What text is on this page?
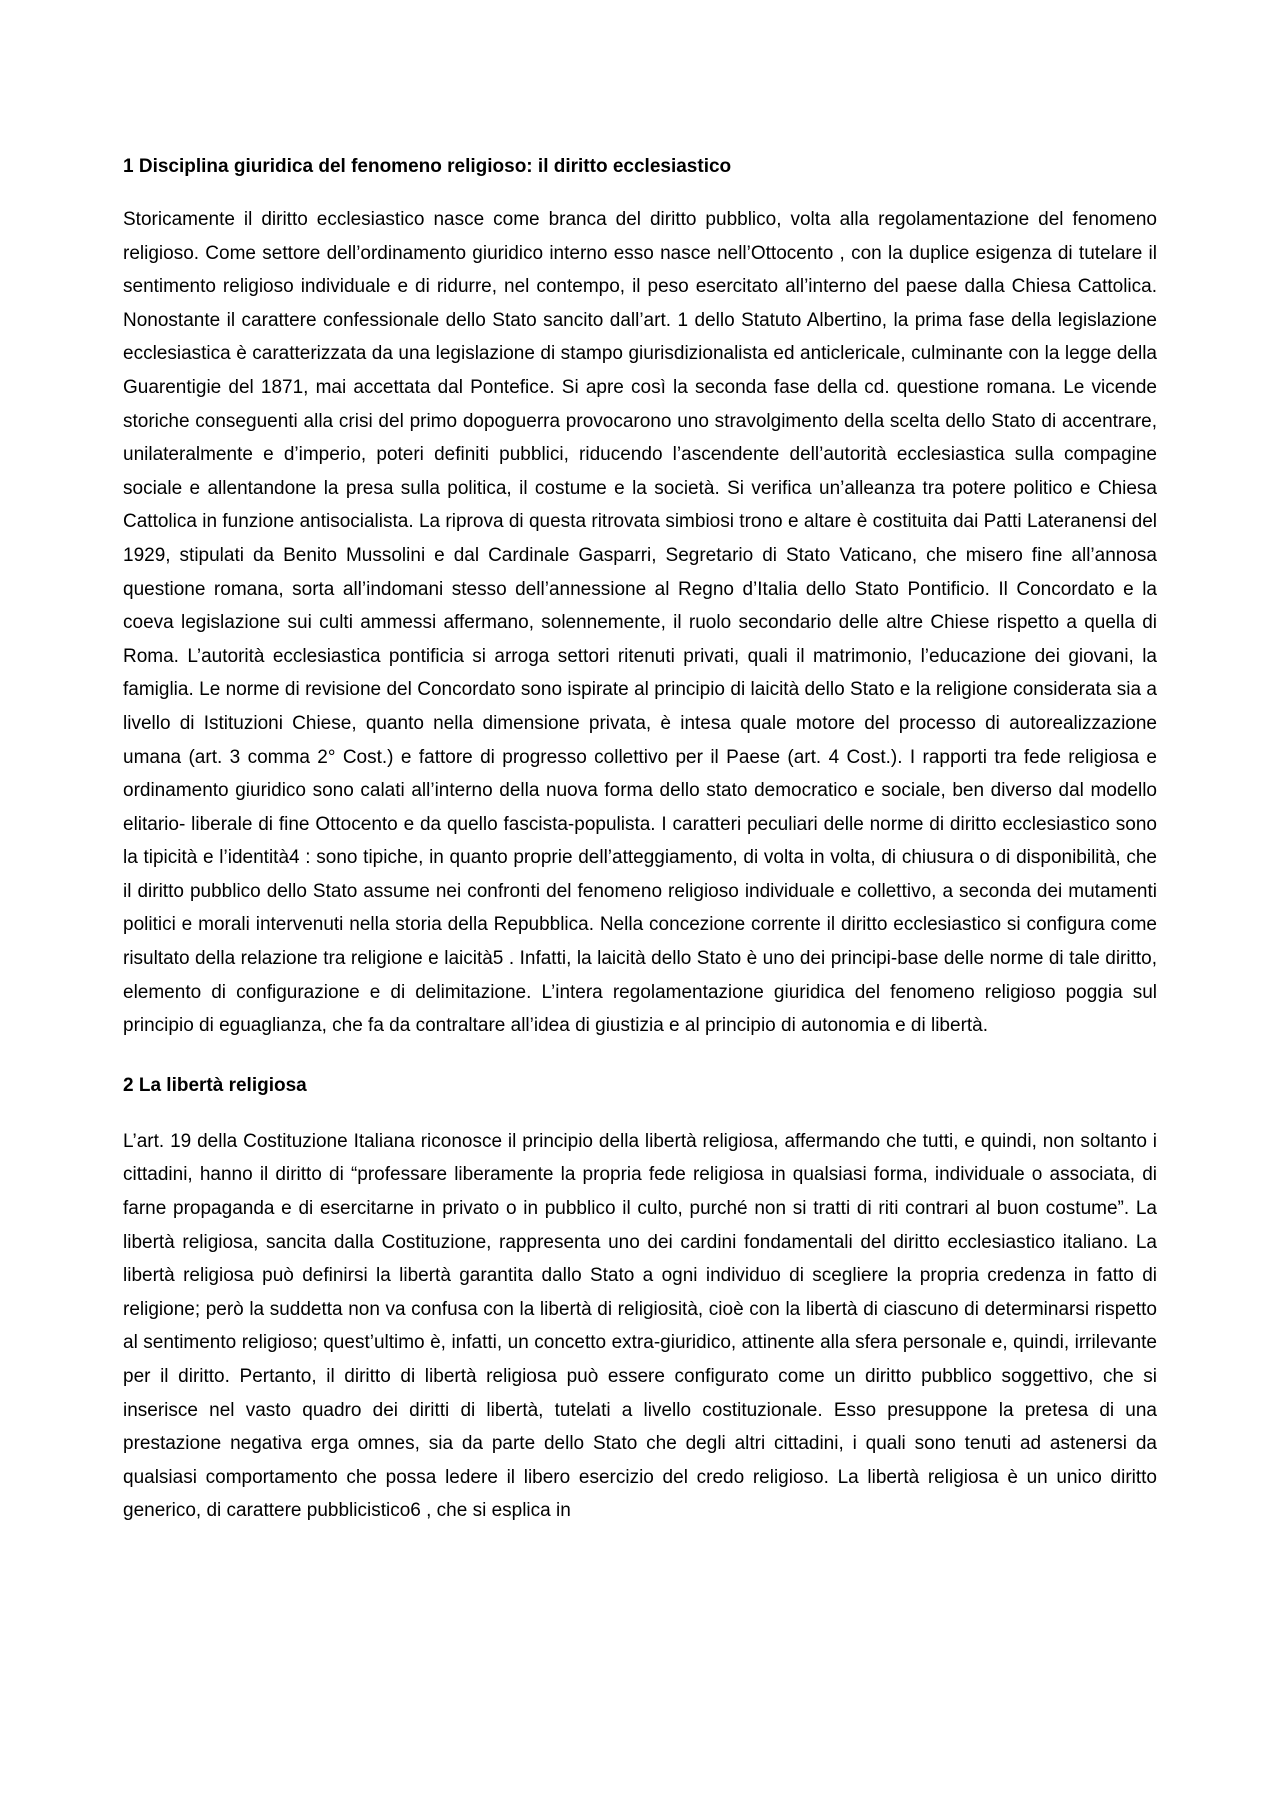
1 Disciplina giuridica del fenomeno religioso: il diritto ecclesiastico

Storicamente il diritto ecclesiastico nasce come branca del diritto pubblico, volta alla regolamentazione del fenomeno religioso. Come settore dell’ordinamento giuridico interno esso nasce nell’Ottocento , con la duplice esigenza di tutelare il sentimento religioso individuale e di ridurre, nel contempo, il peso esercitato all’interno del paese dalla Chiesa Cattolica. Nonostante il carattere confessionale dello Stato sancito dall’art. 1 dello Statuto Albertino, la prima fase della legislazione ecclesiastica è caratterizzata da una legislazione di stampo giurisdizionalista ed anticlericale, culminante con la legge della Guarentigie del 1871, mai accettata dal Pontefice. Si apre così la seconda fase della cd. questione romana. Le vicende storiche conseguenti alla crisi del primo dopoguerra provocarono uno stravolgimento della scelta dello Stato di accentrare, unilateralmente e d’imperio, poteri definiti pubblici, riducendo l’ascendente dell’autorità ecclesiastica sulla compagine sociale e allentandone la presa sulla politica, il costume e la società. Si verifica un’alleanza tra potere politico e Chiesa Cattolica in funzione antisocialista. La riprova di questa ritrovata simbiosi trono e altare è costituita dai Patti Lateranensi del 1929, stipulati da Benito Mussolini e dal Cardinale Gasparri, Segretario di Stato Vaticano, che misero fine all’annosa questione romana, sorta all’indomani stesso dell’annessione al Regno d’Italia dello Stato Pontificio. Il Concordato e la coeva legislazione sui culti ammessi affermano, solennemente, il ruolo secondario delle altre Chiese rispetto a quella di Roma. L’autorità ecclesiastica pontificia si arroga settori ritenuti privati, quali il matrimonio, l’educazione dei giovani, la famiglia. Le norme di revisione del Concordato sono ispirate al principio di laicità dello Stato e la religione considerata sia a livello di Istituzioni Chiese, quanto nella dimensione privata, è intesa quale motore del processo di autorealizzazione umana (art. 3 comma 2° Cost.) e fattore di progresso collettivo per il Paese (art. 4 Cost.). I rapporti tra fede religiosa e ordinamento giuridico sono calati all’interno della nuova forma dello stato democratico e sociale, ben diverso dal modello elitario- liberale di fine Ottocento e da quello fascista-populista. I caratteri peculiari delle norme di diritto ecclesiastico sono la tipicità e l’identità4 : sono tipiche, in quanto proprie dell’atteggiamento, di volta in volta, di chiusura o di disponibilità, che il diritto pubblico dello Stato assume nei confronti del fenomeno religioso individuale e collettivo, a seconda dei mutamenti politici e morali intervenuti nella storia della Repubblica. Nella concezione corrente il diritto ecclesiastico si configura come risultato della relazione tra religione e laicità5 . Infatti, la laicità dello Stato è uno dei principi-base delle norme di tale diritto, elemento di configurazione e di delimitazione. L’intera regolamentazione giuridica del fenomeno religioso poggia sul principio di eguaglianza, che fa da contraltare all’idea di giustizia e al principio di autonomia e di libertà.

2 La libertà religiosa

L’art. 19 della Costituzione Italiana riconosce il principio della libertà religiosa, affermando che tutti, e quindi, non soltanto i cittadini, hanno il diritto di “professare liberamente la propria fede religiosa in qualsiasi forma, individuale o associata, di farne propaganda e di esercitarne in privato o in pubblico il culto, purché non si tratti di riti contrari al buon costume”. La libertà religiosa, sancita dalla Costituzione, rappresenta uno dei cardini fondamentali del diritto ecclesiastico italiano. La libertà religiosa può definirsi la libertà garantita dallo Stato a ogni individuo di scegliere la propria credenza in fatto di religione; però la suddetta non va confusa con la libertà di religiosità, cioè con la libertà di ciascuno di determinarsi rispetto al sentimento religioso; quest’ultimo è, infatti, un concetto extra-giuridico, attinente alla sfera personale e, quindi, irrilevante per il diritto. Pertanto, il diritto di libertà religiosa può essere configurato come un diritto pubblico soggettivo, che si inserisce nel vasto quadro dei diritti di libertà, tutelati a livello costituzionale. Esso presuppone la pretesa di una prestazione negativa erga omnes, sia da parte dello Stato che degli altri cittadini, i quali sono tenuti ad astenersi da qualsiasi comportamento che possa ledere il libero esercizio del credo religioso. La libertà religiosa è un unico diritto generico, di carattere pubblicistico6 , che si esplica in
